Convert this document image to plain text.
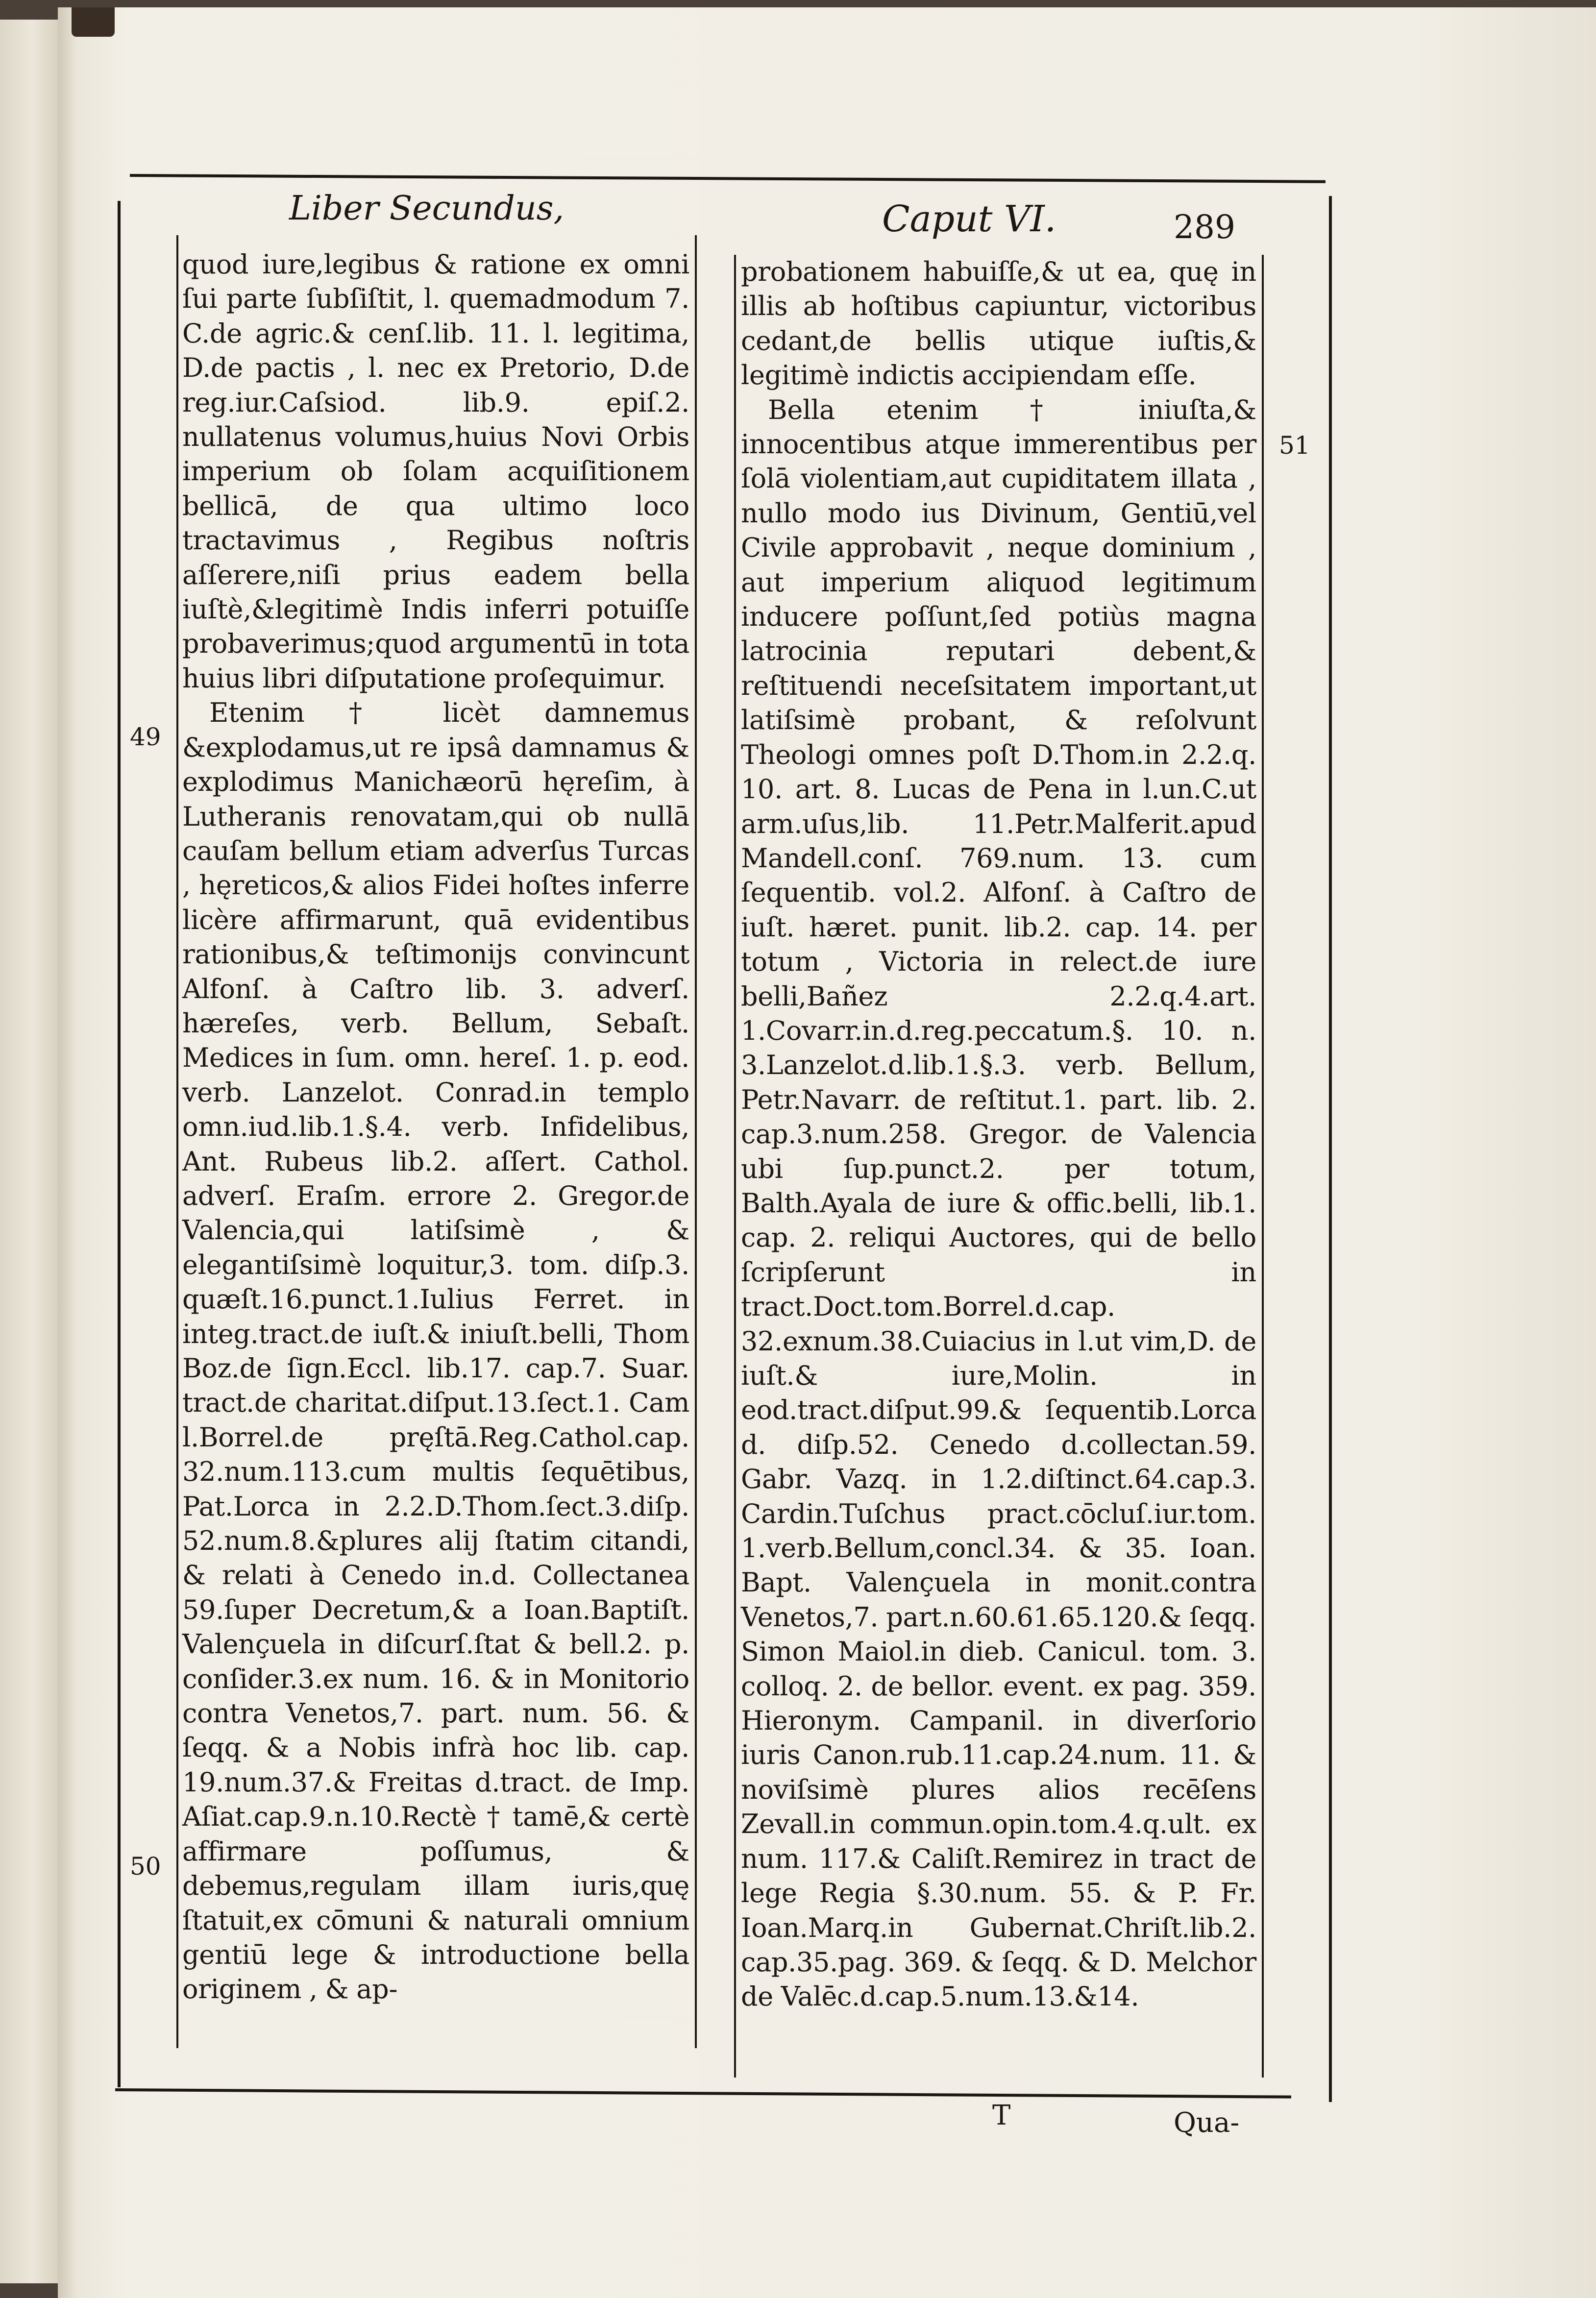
Liber Secundus,	Caput VI.	289
49
50
51

quod iure,legibus & ratione ex omni ſui parte ſubſiſtit, l. quemadmodum 7. C.de agric.& cenſ.lib. 11. l. legitima, D.de pactis , l. nec ex Pretorio, D.de reg.iur.Caſsiod. lib.9. epiſ.2. nullatenus volumus,huius Novi Orbis imperium ob ſolam acquiſitionem bellicā, de qua ultimo loco tractavimus , Regibus noſtris aſſerere,niſi prius eadem bella iuſtè,&legitimè Indis inferri potuiſſe probaverimus;quod argumentū in tota huius libri diſputatione proſequimur.

Etenim † licèt damnemus &explodamus,ut re ipsâ damnamus & explodimus Manichæorū hęreſim, à Lutheranis renovatam,qui ob nullā cauſam bellum etiam adverſus Turcas , hęreticos,& alios Fidei hoſtes inferre licère affirmarunt, quā evidentibus rationibus,& teſtimonijs convincunt Alfonſ. à Caſtro lib. 3. adverſ. hæreſes, verb. Bellum, Sebaſt. Medices in ſum. omn. hereſ. 1. p. eod. verb. Lanzelot. Conrad.in templo omn.iud.lib.1.§.4. verb. Infidelibus, Ant. Rubeus lib.2. aſſert. Cathol. adverſ. Eraſm. errore 2. Gregor.de Valencia,qui latiſsimè , & elegantiſsimè loquitur,3. tom. diſp.3. quæſt.16.punct.1.Iulius Ferret. in integ.tract.de iuſt.& iniuſt.belli, Thom Boz.de ſign.Eccl. lib.17. cap.7. Suar. tract.de charitat.diſput.13.ſect.1. Cam l.Borrel.de pręſtā.Reg.Cathol.cap. 32.num.113.cum multis ſequētibus, Pat.Lorca in 2.2.D.Thom.ſect.3.diſp. 52.num.8.&plures alij ſtatim citandi, & relati à Cenedo in.d. Collectanea 59.ſuper Decretum,& a Ioan.Baptiſt. Valençuela in diſcurſ.ſtat & bell.2. p. conſider.3.ex num. 16. & in Monitorio contra Venetos,7. part. num. 56. & ſeqq. & a Nobis infrà hoc lib. cap. 19.num.37.& Freitas d.tract. de Imp. Aſiat.cap.9.n.10.Rectè † tamē,& certè affirmare poſſumus, & debemus,regulam illam iuris,quę ſtatuit,ex cōmuni & naturali omnium gentiū lege & introductione bella originem , & ap-

probationem habuiſſe,& ut ea, quę in illis ab hoſtibus capiuntur, victoribus cedant,de bellis utique iuſtis,& legitimè indictis accipiendam eſſe.

Bella etenim † iniuſta,& innocentibus atque immerentibus per ſolā violentiam,aut cupiditatem illata , nullo modo ius Divinum, Gentiū,vel Civile approbavit , neque dominium , aut imperium aliquod legitimum inducere poſſunt,ſed potiùs magna latrocinia reputari debent,& reſtituendi neceſsitatem important,ut latiſsimè probant, & reſolvunt Theologi omnes poſt D.Thom.in 2.2.q. 10. art. 8. Lucas de Pena in l.un.C.ut arm.uſus,lib. 11.Petr.Malferit.apud Mandell.conſ. 769.num. 13. cum ſequentib. vol.2. Alfonſ. à Caſtro de iuſt. hæret. punit. lib.2. cap. 14. per totum , Victoria in relect.de iure belli,Bañez 2.2.q.4.art. 1.Covarr.in.d.reg.peccatum.§. 10. n. 3.Lanzelot.d.lib.1.§.3. verb. Bellum, Petr.Navarr. de reſtitut.1. part. lib. 2. cap.3.num.258. Gregor. de Valencia ubi ſup.punct.2. per totum, Balth.Ayala de iure & offic.belli, lib.1. cap. 2. reliqui Auctores, qui de bello ſcripſerunt in tract.Doct.tom.Borrel.d.cap. 32.exnum.38.Cuiacius in l.ut vim,D. de iuſt.& iure,Molin. in eod.tract.diſput.99.& ſequentib.Lorca d. diſp.52. Cenedo d.collectan.59. Gabr. Vazq. in 1.2.diſtinct.64.cap.3. Cardin.Tuſchus pract.cōcluſ.iur.tom. 1.verb.Bellum,concl.34. & 35. Ioan. Bapt. Valençuela in monit.contra Venetos,7. part.n.60.61.65.120.& ſeqq. Simon Maiol.in dieb. Canicul. tom. 3. colloq. 2. de bellor. event. ex pag. 359. Hieronym. Campanil. in diverſorio iuris Canon.rub.11.cap.24.num. 11. & noviſsimè plures alios recēſens Zevall.in commun.opin.tom.4.q.ult. ex num. 117.& Caliſt.Remirez in tract de lege Regia §.30.num. 55. & P. Fr. Ioan.Marq.in Gubernat.Chriſt.lib.2. cap.35.pag. 369. & ſeqq. & D. Melchor de Valēc.d.cap.5.num.13.&14.

T	Qua-
